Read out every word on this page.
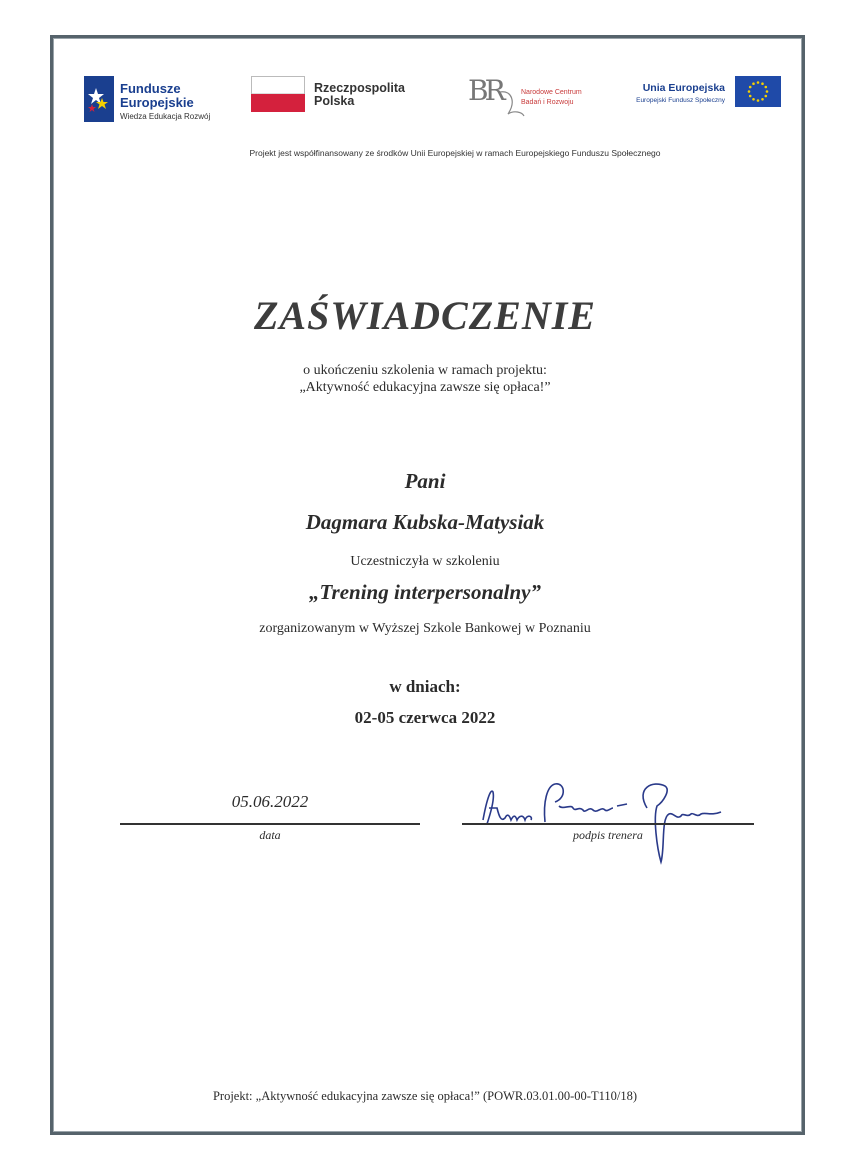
Fundusze
Europejskie
Wiedza Edukacja Rozwój
Rzeczpospolita
Polska	BR	Narodowe Centrum
Badań i Rozwoju
Unia Europejska
Europejski Fundusz Społeczny
Projekt jest współfinansowany ze środków Unii Europejskiej w ramach Europejskiego Funduszu Społecznego
ZAŚWIADCZENIE
o ukończeniu szkolenia w ramach projektu:
„Aktywność edukacyjna zawsze się opłaca!”
Pani
Dagmara Kubska-Matysiak
Uczestniczyła w szkoleniu
„Trening interpersonalny”
zorganizowanym w Wyższej Szkole Bankowej w Poznaniu
w dniach:
02-05 czerwca 2022
05.06.2022
data	podpis trenera
Projekt: „Aktywność edukacyjna zawsze się opłaca!” (POWR.03.01.00-00-T110/18)
